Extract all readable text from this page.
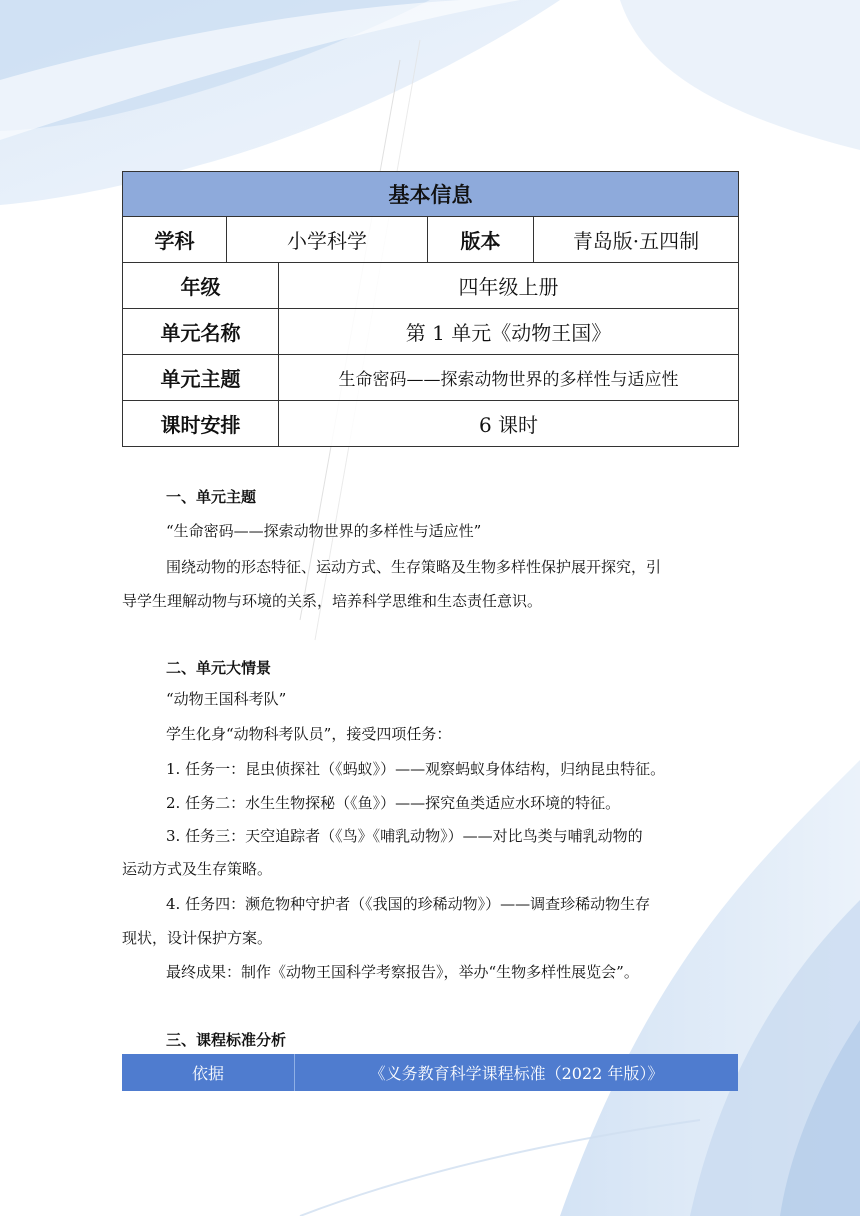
基本信息				
学科	小学科学		版本	青岛版·五四制
年级		四年级上册		
单元名称		第 1 单元《动物王国》		
单元主题		生命密码——探索动物世界的多样性与适应性		
课时安排		6 课时		
一、单元主题
“生命密码——探索动物世界的多样性与适应性”
围绕动物的形态特征、运动方式、生存策略及生物多样性保护展开探究，引
导学生理解动物与环境的关系，培养科学思维和生态责任意识。
二、单元大情景
“动物王国科考队”
学生化身“动物科考队员”，接受四项任务：
1. 任务一：昆虫侦探社（《蚂蚁》）——观察蚂蚁身体结构，归纳昆虫特征。
2. 任务二：水生生物探秘（《鱼》）——探究鱼类适应水环境的特征。
3. 任务三：天空追踪者（《鸟》《哺乳动物》）——对比鸟类与哺乳动物的
运动方式及生存策略。
4. 任务四：濒危物种守护者（《我国的珍稀动物》）——调查珍稀动物生存
现状，设计保护方案。
最终成果：制作《动物王国科学考察报告》，举办“生物多样性展览会”。
三、课程标准分析
依据	《义务教育科学课程标准（2022 年版）》
